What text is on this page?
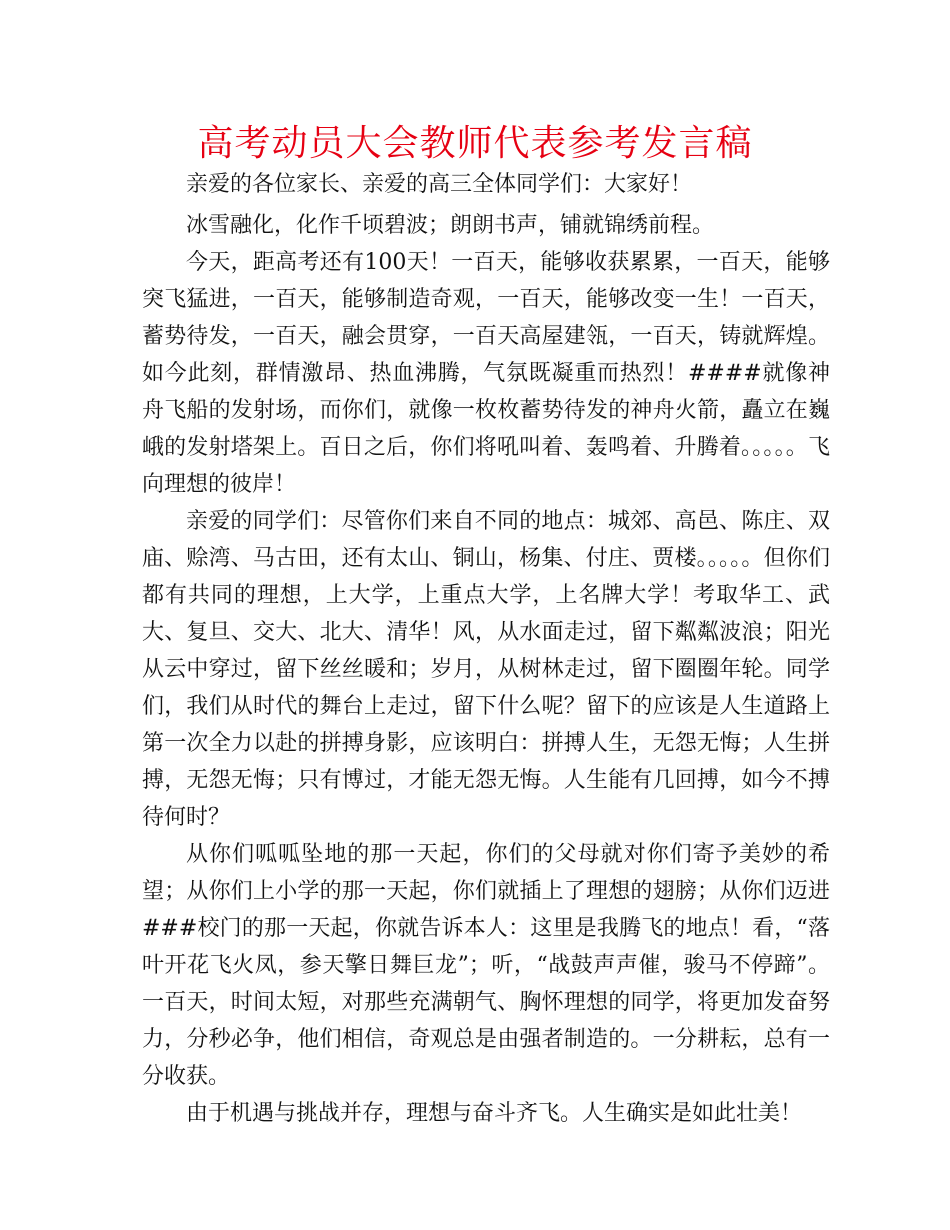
高考动员大会教师代表参考发言稿

亲爱的各位家长、亲爱的高三全体同学们：大家好！

冰雪融化，化作千顷碧波；朗朗书声，铺就锦绣前程。

今天，距高考还有100天！一百天，能够收获累累，一百天，能够突飞猛进，一百天，能够制造奇观，一百天，能够改变一生！一百天，蓄势待发，一百天，融会贯穿，一百天高屋建瓴，一百天，铸就辉煌。如今此刻，群情激昂、热血沸腾，气氛既凝重而热烈！####就像神舟飞船的发射场，而你们，就像一枚枚蓄势待发的神舟火箭，矗立在巍峨的发射塔架上。百日之后，你们将吼叫着、轰鸣着、升腾着。。。。。飞向理想的彼岸！

亲爱的同学们：尽管你们来自不同的地点：城郊、高邑、陈庄、双庙、赊湾、马古田，还有太山、铜山，杨集、付庄、贾楼。。。。。但你们都有共同的理想，上大学，上重点大学，上名牌大学！考取华工、武大、复旦、交大、北大、清华！风，从水面走过，留下粼粼波浪；阳光从云中穿过，留下丝丝暖和；岁月，从树林走过，留下圈圈年轮。同学们，我们从时代的舞台上走过，留下什么呢？留下的应该是人生道路上第一次全力以赴的拼搏身影，应该明白：拼搏人生，无怨无悔；人生拼搏，无怨无悔；只有博过，才能无怨无悔。人生能有几回搏，如今不搏待何时？

从你们呱呱坠地的那一天起，你们的父母就对你们寄予美妙的希望；从你们上小学的那一天起，你们就插上了理想的翅膀；从你们迈进###校门的那一天起，你就告诉本人：这里是我腾飞的地点！看，“落叶开花飞火凤，参天擎日舞巨龙”；听，“战鼓声声催，骏马不停蹄”。一百天，时间太短，对那些充满朝气、胸怀理想的同学，将更加发奋努力，分秒必争，他们相信，奇观总是由强者制造的。一分耕耘，总有一分收获。

由于机遇与挑战并存，理想与奋斗齐飞。人生确实是如此壮美！
